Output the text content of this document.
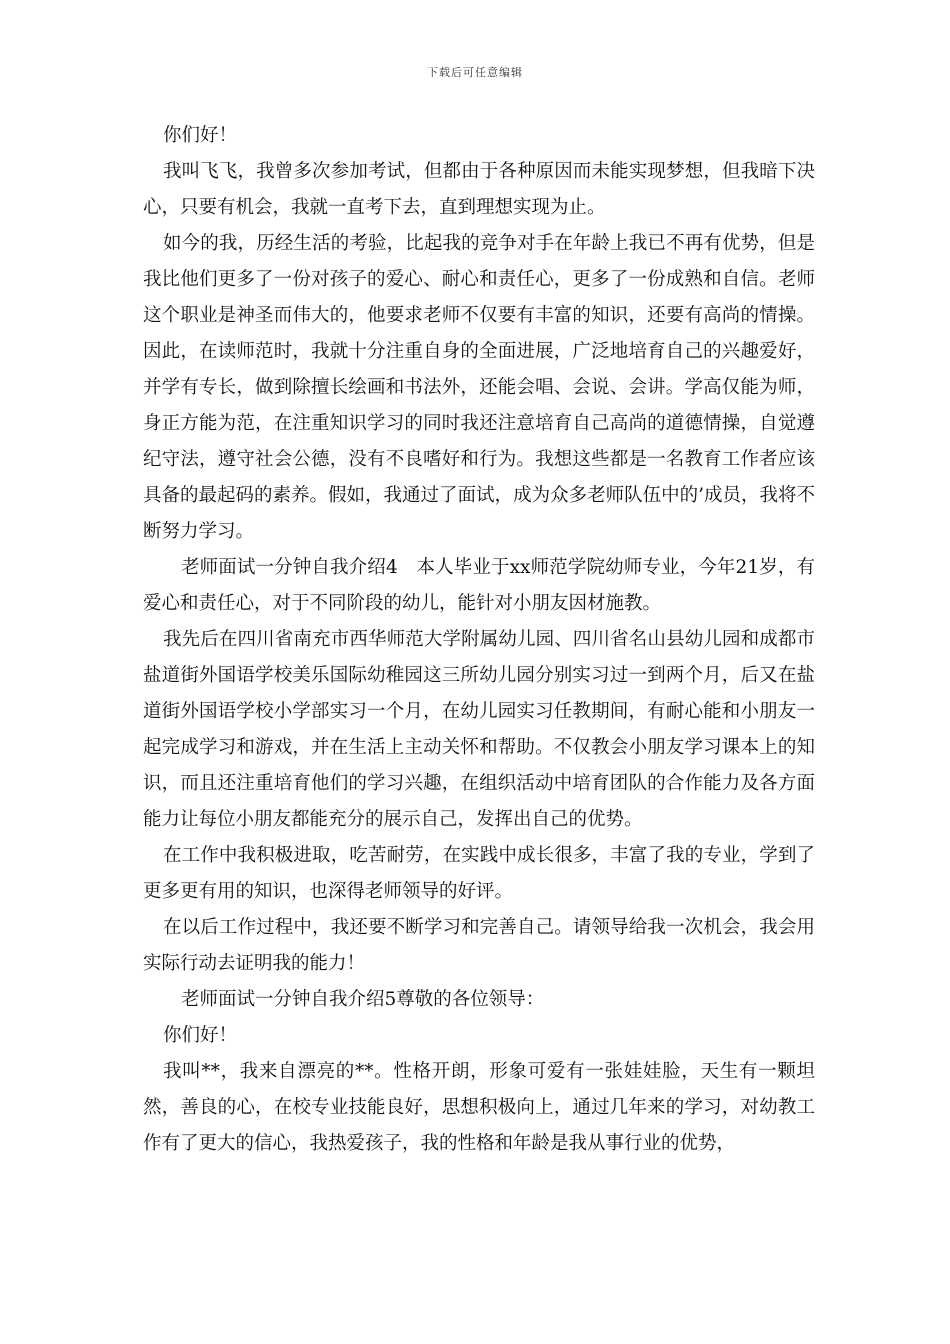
下载后可任意编辑

你们好！

我叫飞飞，我曾多次参加考试，但都由于各种原因而未能实现梦想，但我暗下决心，只要有机会，我就一直考下去，直到理想实现为止。

如今的我，历经生活的考验，比起我的竞争对手在年龄上我已不再有优势，但是我比他们更多了一份对孩子的爱心、耐心和责任心，更多了一份成熟和自信。老师这个职业是神圣而伟大的，他要求老师不仅要有丰富的知识，还要有高尚的情操。因此，在读师范时，我就十分注重自身的全面进展，广泛地培育自己的兴趣爱好，并学有专长，做到除擅长绘画和书法外，还能会唱、会说、会讲。学高仅能为师，身正方能为范，在注重知识学习的同时我还注意培育自己高尚的道德情操，自觉遵纪守法，遵守社会公德，没有不良嗜好和行为。我想这些都是一名教育工作者应该具备的最起码的素养。假如，我通过了面试，成为众多老师队伍中的’成员，我将不断努力学习。

老师面试一分钟自我介绍4　本人毕业于xx师范学院幼师专业，今年21岁，有爱心和责任心，对于不同阶段的幼儿，能针对小朋友因材施教。

我先后在四川省南充市西华师范大学附属幼儿园、四川省名山县幼儿园和成都市盐道街外国语学校美乐国际幼稚园这三所幼儿园分别实习过一到两个月，后又在盐道街外国语学校小学部实习一个月，在幼儿园实习任教期间，有耐心能和小朋友一起完成学习和游戏，并在生活上主动关怀和帮助。不仅教会小朋友学习课本上的知识，而且还注重培育他们的学习兴趣，在组织活动中培育团队的合作能力及各方面能力让每位小朋友都能充分的展示自己，发挥出自己的优势。

在工作中我积极进取，吃苦耐劳，在实践中成长很多，丰富了我的专业，学到了更多更有用的知识，也深得老师领导的好评。

在以后工作过程中，我还要不断学习和完善自己。请领导给我一次机会，我会用实际行动去证明我的能力！

老师面试一分钟自我介绍5尊敬的各位领导：

你们好！

我叫**，我来自漂亮的**。性格开朗，形象可爱有一张娃娃脸，天生有一颗坦然，善良的心，在校专业技能良好，思想积极向上，通过几年来的学习，对幼教工作有了更大的信心，我热爱孩子，我的性格和年龄是我从事行业的优势，
